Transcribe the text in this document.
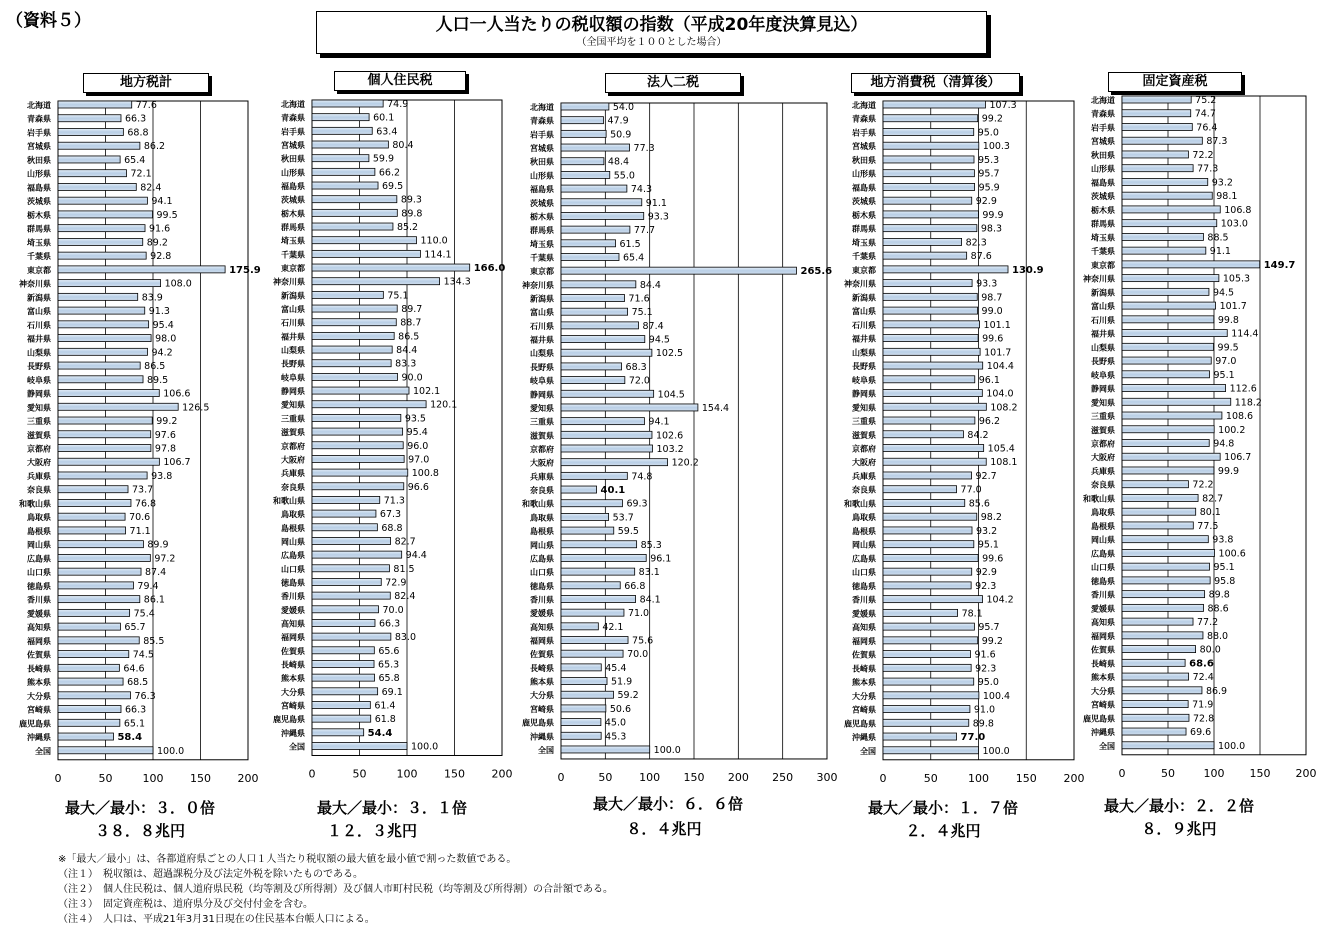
（資料５）	人口一人当たりの税収額の指数（平成20年度決算見込）
（全国平均を１００とした場合）
地方税計	個人住民税	法人二税	地方消費税（清算後）	固定資産税
0	50	100 150 200
北海道	77.6
青森県	66.3
岩手県	68.8
宮城県	86.2
秋田県	65.4
山形県	72.1
福島県	82.4
茨城県	94.1
栃木県	99.5
群馬県	91.6
埼玉県	89.2
千葉県	92.8
東京都	175.9
神奈川県	108.0
新潟県	83.9
富山県	91.3
石川県	95.4
福井県	98.0
山梨県	94.2
長野県	86.5
岐阜県	89.5
静岡県	106.6
愛知県	126.5
三重県	99.2
滋賀県	97.6
京都府	97.8
大阪府	106.7
兵庫県	93.8
奈良県	73.7
和歌山県	76.8
鳥取県	70.6
島根県	71.1
岡山県	89.9
広島県	97.2
山口県	87.4
徳島県	79.4
香川県	86.1
愛媛県	75.4
高知県	65.7
福岡県	85.5
佐賀県	74.5
長崎県	64.6
熊本県	68.5
大分県	76.3
宮崎県	66.3
鹿児島県	65.1
沖縄県	58.4
全国	100.0
0	50	100 150 200
北海道	74.9
青森県	60.1
岩手県	63.4
宮城県	80.4
秋田県	59.9
山形県	66.2
福島県	69.5
茨城県	89.3
栃木県	89.8
群馬県	85.2
埼玉県	110.0
千葉県	114.1
東京都	166.0
神奈川県	134.3
新潟県	75.1
富山県	89.7
石川県	88.7
福井県	86.5
山梨県	84.4
長野県	83.3
岐阜県	90.0
静岡県	102.1
愛知県	120.1
三重県	93.5
滋賀県	95.4
京都府	96.0
大阪府	97.0
兵庫県	100.8
奈良県	96.6
和歌山県	71.3
鳥取県	67.3
島根県	68.8
岡山県	82.7
広島県	94.4
山口県	81.5
徳島県	72.9
香川県	82.4
愛媛県	70.0
高知県	66.3
福岡県	83.0
佐賀県	65.6
長崎県	65.3
熊本県	65.8
大分県	69.1
宮崎県	61.4
鹿児島県	61.8
沖縄県	54.4
全国	100.0
0	50 100 150 200 250 300
北海道	54.0
青森県	47.9
岩手県	50.9
宮城県	77.3
秋田県	48.4
山形県	55.0
福島県	74.3
茨城県	91.1
栃木県	93.3
群馬県	77.7
埼玉県	61.5
千葉県	65.4
東京都	265.6
神奈川県	84.4
新潟県	71.6
富山県	75.1
石川県	87.4
福井県	94.5
山梨県	102.5
長野県	68.3
岐阜県	72.0
静岡県	104.5
愛知県	154.4
三重県	94.1
滋賀県	102.6
京都府	103.2
大阪府	120.2
兵庫県	74.8
奈良県	40.1
和歌山県	69.3
鳥取県	53.7
島根県	59.5
岡山県	85.3
広島県	96.1
山口県	83.1
徳島県	66.8
香川県	84.1
愛媛県	71.0
高知県	42.1
福岡県	75.6
佐賀県	70.0
長崎県	45.4
熊本県	51.9
大分県	59.2
宮崎県	50.6
鹿児島県	45.0
沖縄県	45.3
全国	100.0
0	50	100 150 200
北海道	107.3
青森県	99.2
岩手県	95.0
宮城県	100.3
秋田県	95.3
山形県	95.7
福島県	95.9
茨城県	92.9
栃木県	99.9
群馬県	98.3
埼玉県	82.3
千葉県	87.6
東京都	130.9
神奈川県	93.3
新潟県	98.7
富山県	99.0
石川県	101.1
福井県	99.6
山梨県	101.7
長野県	104.4
岐阜県	96.1
静岡県	104.0
愛知県	108.2
三重県	96.2
滋賀県	84.2
京都府	105.4
大阪府	108.1
兵庫県	92.7
奈良県	77.0
和歌山県	85.6
鳥取県	98.2
島根県	93.2
岡山県	95.1
広島県	99.6
山口県	92.9
徳島県	92.3
香川県	104.2
愛媛県	78.1
高知県	95.7
福岡県	99.2
佐賀県	91.6
長崎県	92.3
熊本県	95.0
大分県	100.4
宮崎県	91.0
鹿児島県	89.8
沖縄県	77.0
全国	100.0
0	50	100 150 200
北海道	75.2
青森県	74.7
岩手県	76.4
宮城県	87.3
秋田県	72.2
山形県	77.3
福島県	93.2
茨城県	98.1
栃木県	106.8
群馬県	103.0
埼玉県	88.5
千葉県	91.1
東京都	149.7
神奈川県	105.3
新潟県	94.5
富山県	101.7
石川県	99.8
福井県	114.4
山梨県	99.5
長野県	97.0
岐阜県	95.1
静岡県	112.6
愛知県	118.2
三重県	108.6
滋賀県	100.2
京都府	94.8
大阪府	106.7
兵庫県	99.9
奈良県	72.2
和歌山県	82.7
鳥取県	80.1
島根県	77.5
岡山県	93.8
広島県	100.6
山口県	95.1
徳島県	95.8
香川県	89.8
愛媛県	88.6
高知県	77.2
福岡県	88.0
佐賀県	80.0
長崎県	68.6
熊本県	72.4
大分県	86.9
宮崎県	71.9
鹿児島県	72.8
沖縄県	69.6
全国	100.0
最大／最小：３．０倍
３８．８兆円
最大／最小：３．１倍
１２．３兆円
最大／最小：６．６倍
８．４兆円
最大／最小：１．７倍
２．４兆円
最大／最小：２．２倍
８．９兆円
※「最大／最小」は、各都道府県ごとの人口１人当たり税収額の最大値を最小値で割った数値である。
（注１）　税収額は、超過課税分及び法定外税を除いたものである。
（注２）　個人住民税は、個人道府県民税（均等割及び所得割）及び個人市町村民税（均等割及び所得割）の合計額である。
（注３）　固定資産税は、道府県分及び交付付金を含む。
（注４）　人口は、平成21年3月31日現在の住民基本台帳人口による。
